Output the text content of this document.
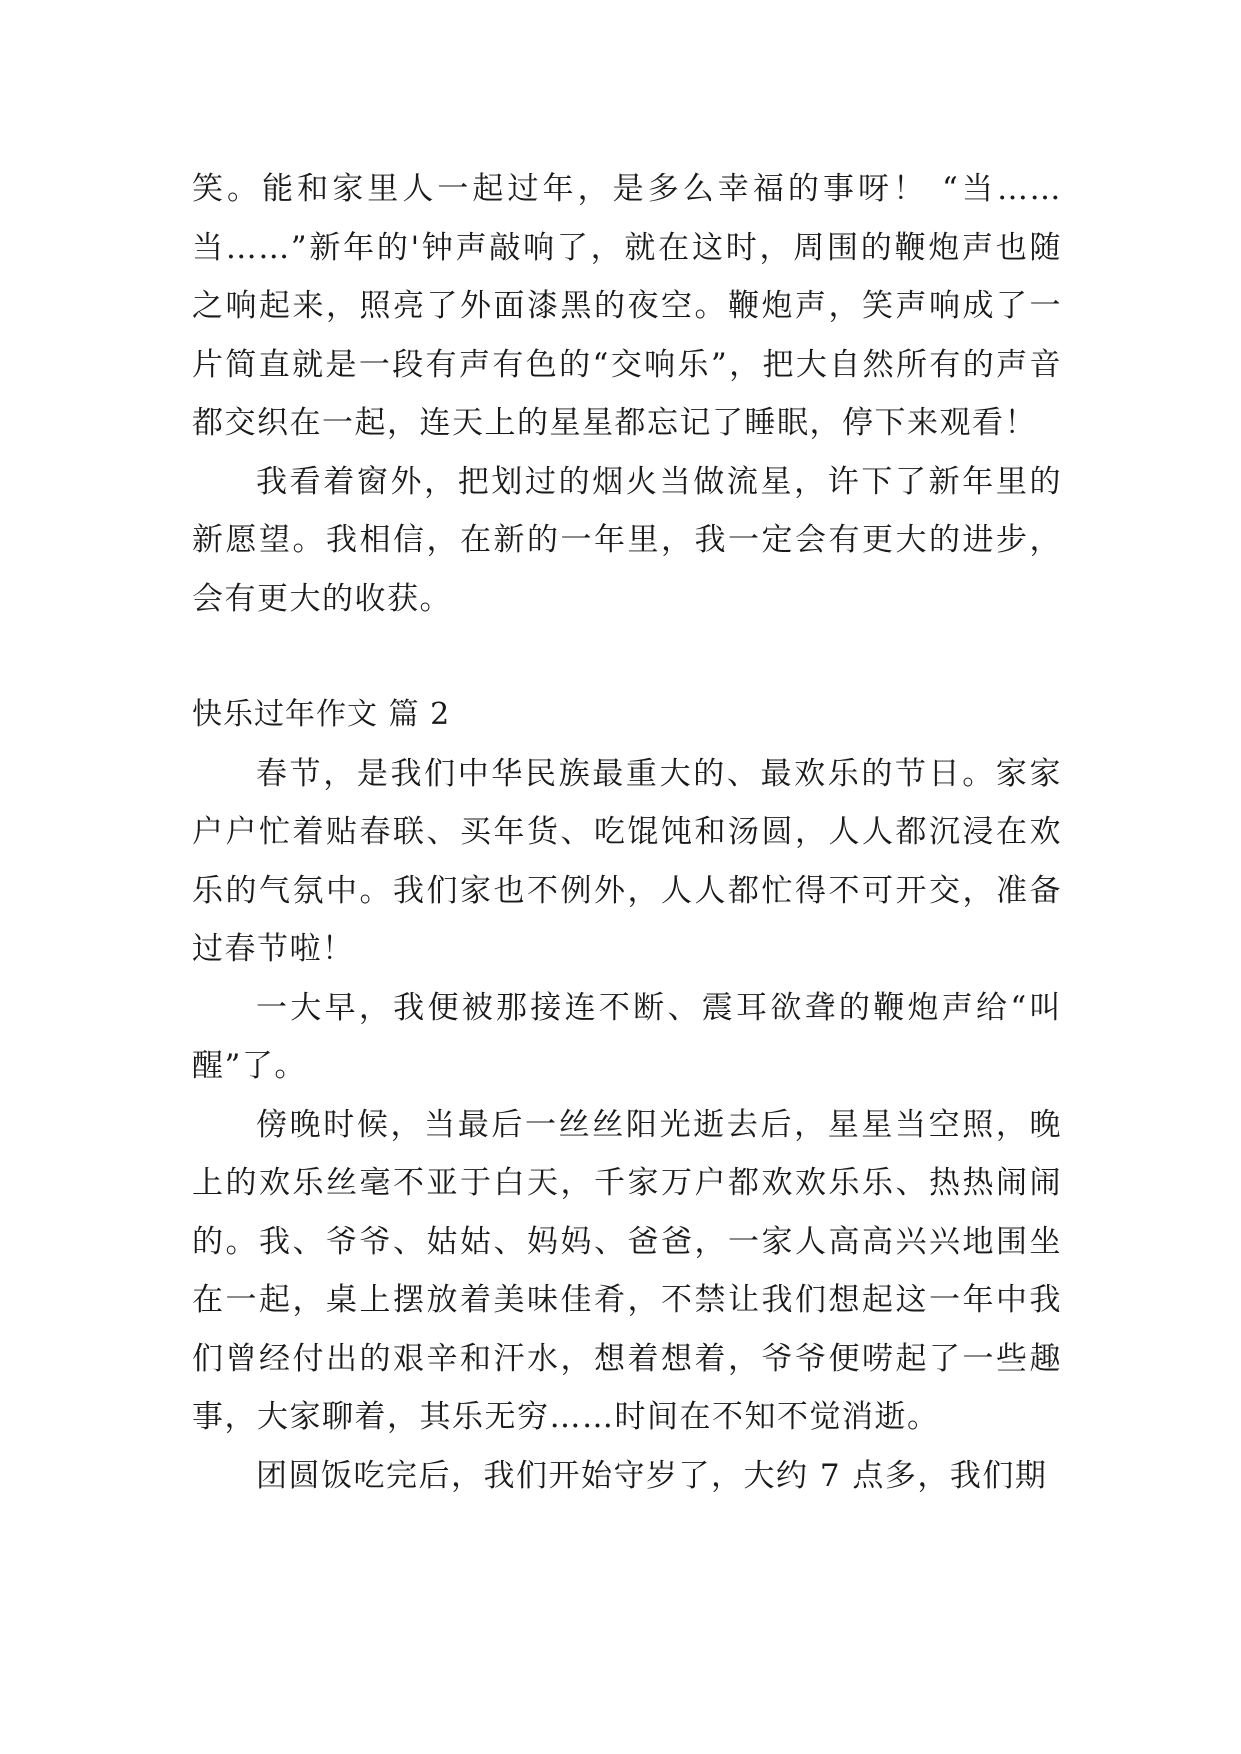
笑。能和家里人一起过年，是多么幸福的事呀！ “当……当……”新年的'钟声敲响了，就在这时，周围的鞭炮声也随之响起来，照亮了外面漆黑的夜空。鞭炮声，笑声响成了一片简直就是一段有声有色的“交响乐”，把大自然所有的声音都交织在一起，连天上的星星都忘记了睡眠，停下来观看！

我看着窗外，把划过的烟火当做流星，许下了新年里的新愿望。我相信，在新的一年里，我一定会有更大的进步，会有更大的收获。

快乐过年作文 篇 2

春节，是我们中华民族最重大的、最欢乐的节日。家家户户忙着贴春联、买年货、吃馄饨和汤圆，人人都沉浸在欢乐的气氛中。我们家也不例外，人人都忙得不可开交，准备过春节啦！

一大早，我便被那接连不断、震耳欲聋的鞭炮声给“叫醒”了。

傍晚时候，当最后一丝丝阳光逝去后，星星当空照，晚上的欢乐丝毫不亚于白天，千家万户都欢欢乐乐、热热闹闹的。我、爷爷、姑姑、妈妈、爸爸，一家人高高兴兴地围坐在一起，桌上摆放着美味佳肴，不禁让我们想起这一年中我们曾经付出的艰辛和汗水，想着想着，爷爷便唠起了一些趣事，大家聊着，其乐无穷……时间在不知不觉消逝。

团圆饭吃完后，我们开始守岁了，大约 7 点多，我们期
